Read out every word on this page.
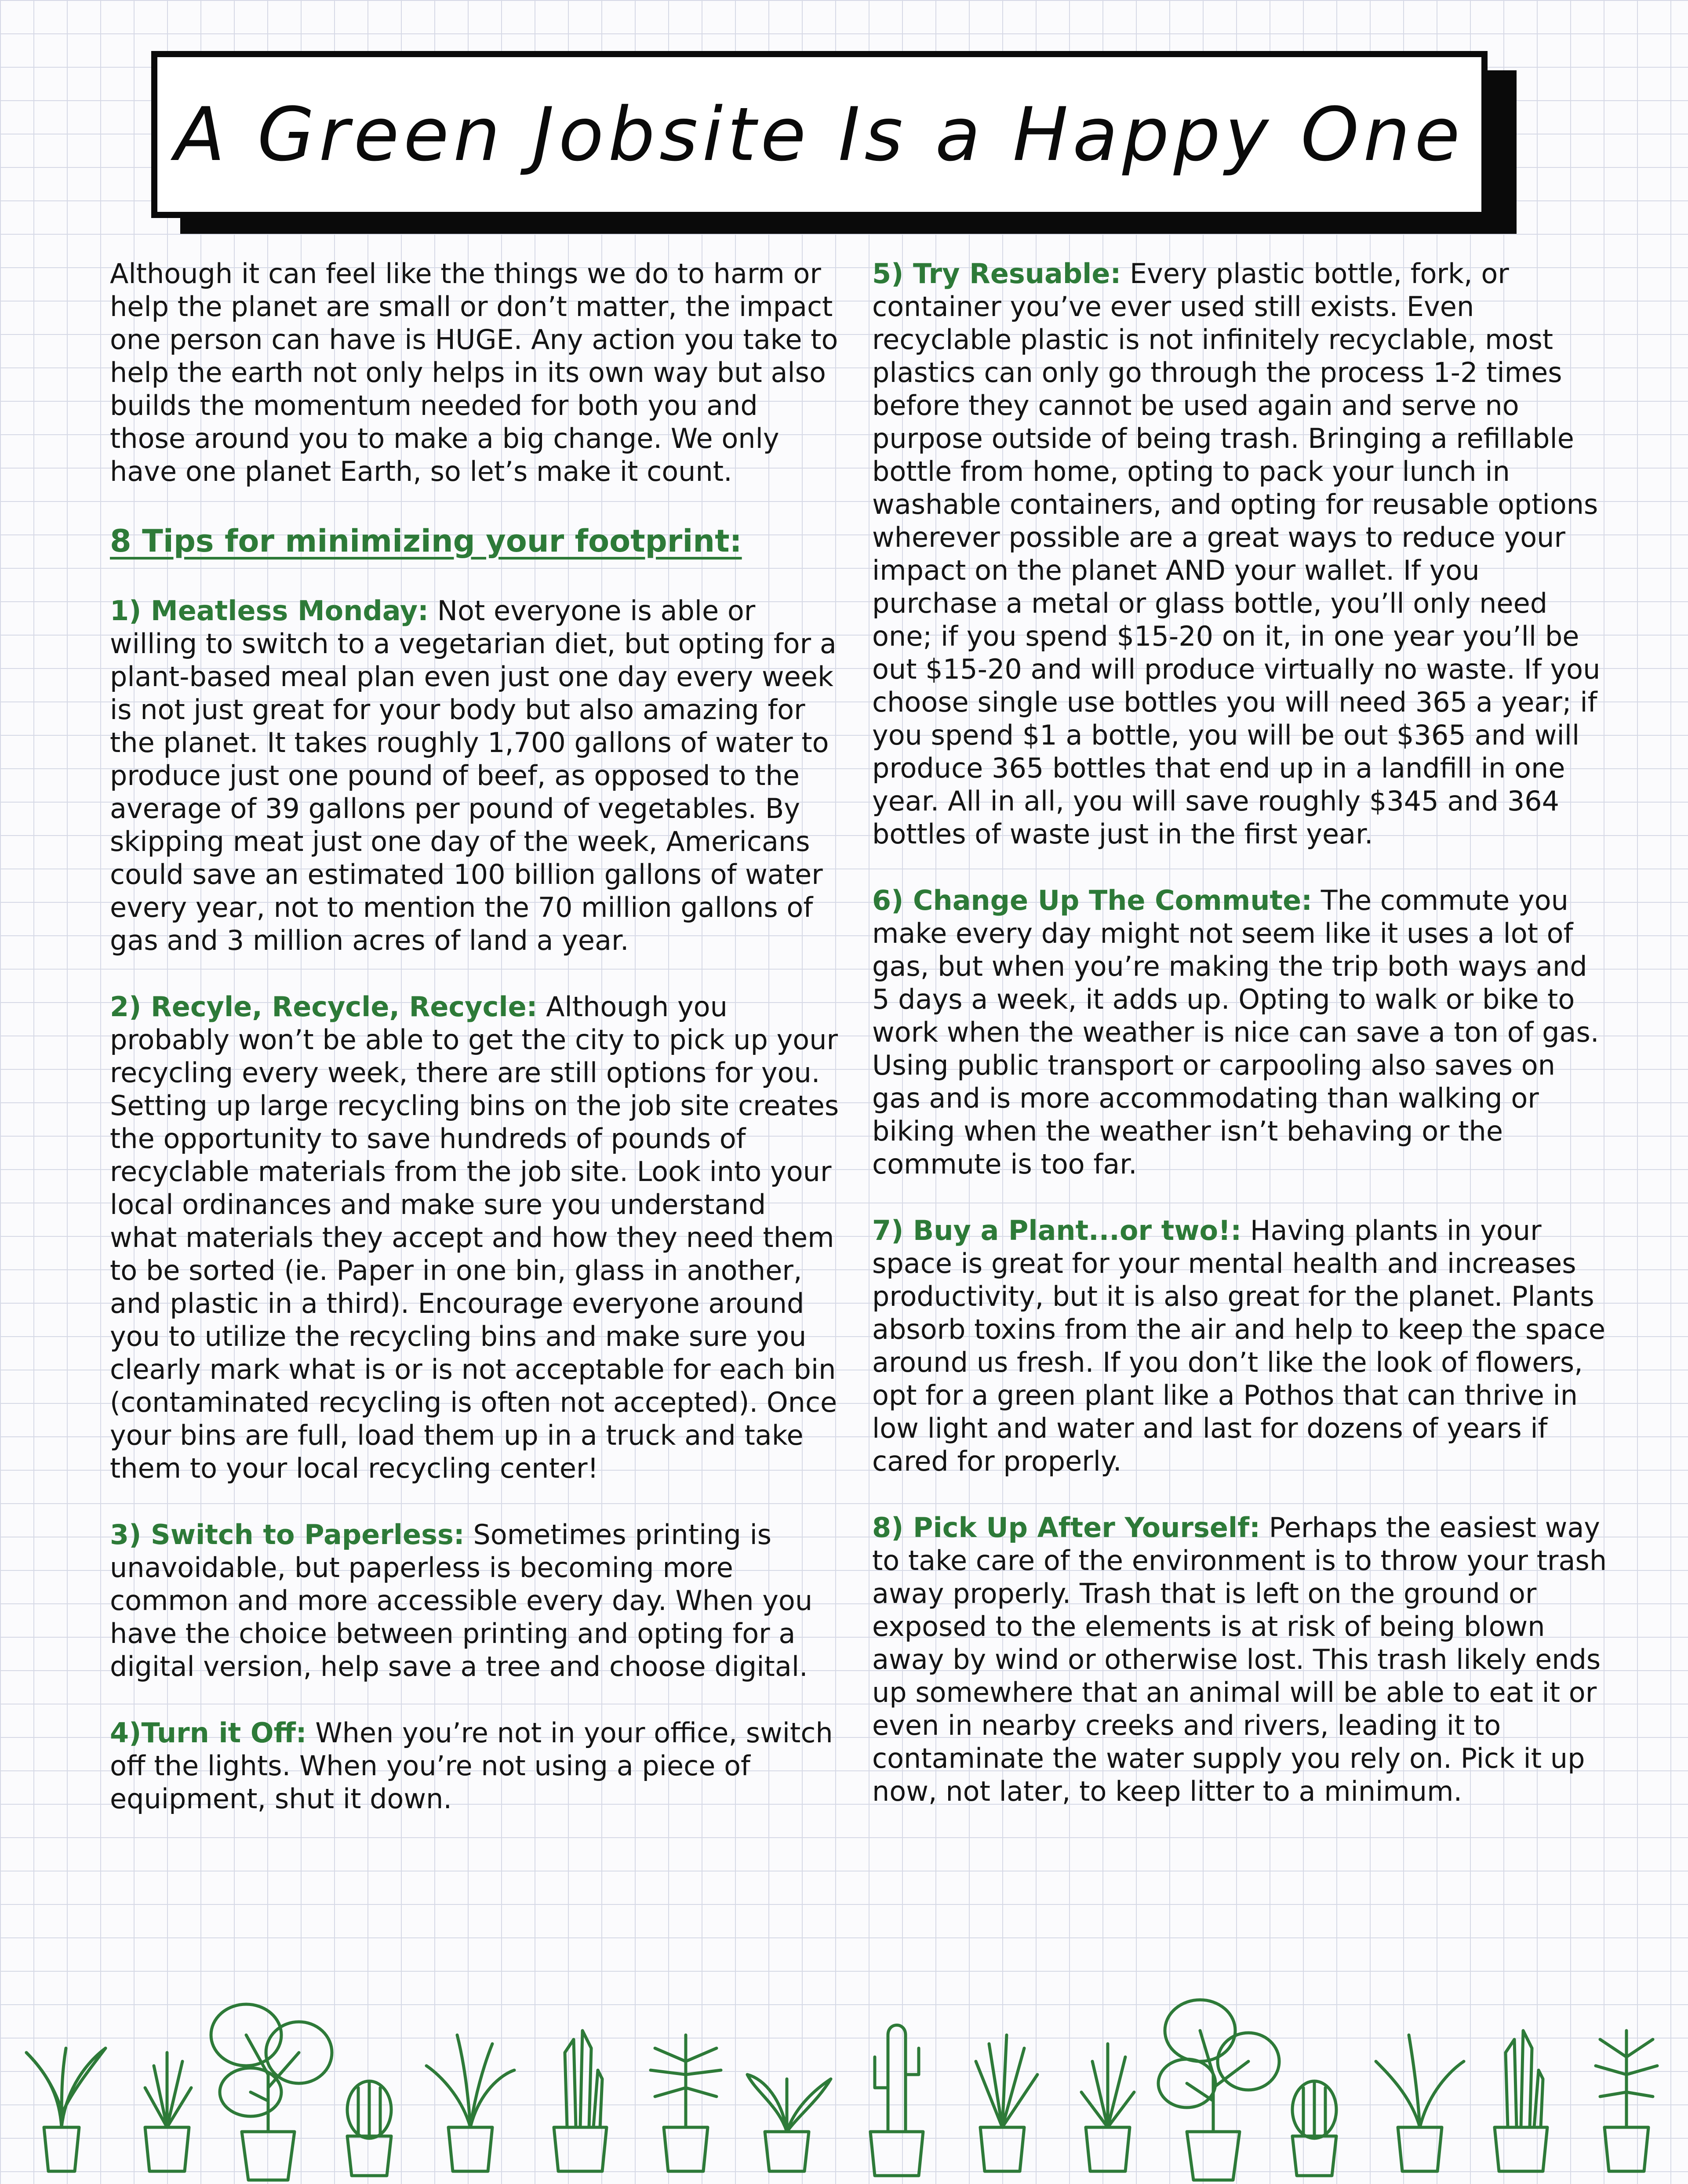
A Green Jobsite Is a Happy One

Although it can feel like the things we do to harm or help the planet are small or don’t matter, the impact one person can have is HUGE. Any action you take to help the earth not only helps in its own way but also builds the momentum needed for both you and those around you to make a big change. We only have one planet Earth, so let’s make it count.

8 Tips for minimizing your footprint:

1) Meatless Monday: Not everyone is able or willing to switch to a vegetarian diet, but opting for a plant-based meal plan even just one day every week is not just great for your body but also amazing for the planet. It takes roughly 1,700 gallons of water to produce just one pound of beef, as opposed to the average of 39 gallons per pound of vegetables. By skipping meat just one day of the week, Americans could save an estimated 100 billion gallons of water every year, not to mention the 70 million gallons of gas and 3 million acres of land a year.

2) Recyle, Recycle, Recycle: Although you probably won’t be able to get the city to pick up your recycling every week, there are still options for you. Setting up large recycling bins on the job site creates the opportunity to save hundreds of pounds of recyclable materials from the job site. Look into your local ordinances and make sure you understand what materials they accept and how they need them to be sorted (ie. Paper in one bin, glass in another, and plastic in a third). Encourage everyone around you to utilize the recycling bins and make sure you clearly mark what is or is not acceptable for each bin (contaminated recycling is often not accepted). Once your bins are full, load them up in a truck and take them to your local recycling center!

3) Switch to Paperless: Sometimes printing is unavoidable, but paperless is becoming more common and more accessible every day. When you have the choice between printing and opting for a digital version, help save a tree and choose digital.

4)Turn it Off: When you’re not in your office, switch off the lights. When you’re not using a piece of equipment, shut it down.

5) Try Resuable: Every plastic bottle, fork, or container you’ve ever used still exists. Even recyclable plastic is not infinitely recyclable, most plastics can only go through the process 1-2 times before they cannot be used again and serve no purpose outside of being trash. Bringing a refillable bottle from home, opting to pack your lunch in washable containers, and opting for reusable options wherever possible are a great ways to reduce your impact on the planet AND your wallet. If you purchase a metal or glass bottle, you’ll only need one; if you spend $15-20 on it, in one year you’ll be out $15-20 and will produce virtually no waste. If you choose single use bottles you will need 365 a year; if you spend $1 a bottle, you will be out $365 and will produce 365 bottles that end up in a landfill in one year. All in all, you will save roughly $345 and 364 bottles of waste just in the first year.

6) Change Up The Commute: The commute you make every day might not seem like it uses a lot of gas, but when you’re making the trip both ways and 5 days a week, it adds up. Opting to walk or bike to work when the weather is nice can save a ton of gas. Using public transport or carpooling also saves on gas and is more accommodating than walking or biking when the weather isn’t behaving or the commute is too far.

7) Buy a Plant...or two!: Having plants in your space is great for your mental health and increases productivity, but it is also great for the planet. Plants absorb toxins from the air and help to keep the space around us fresh. If you don’t like the look of flowers, opt for a green plant like a Pothos that can thrive in low light and water and last for dozens of years if cared for properly.

8) Pick Up After Yourself: Perhaps the easiest way to take care of the environment is to throw your trash away properly. Trash that is left on the ground or exposed to the elements is at risk of being blown away by wind or otherwise lost. This trash likely ends up somewhere that an animal will be able to eat it or even in nearby creeks and rivers, leading it to contaminate the water supply you rely on. Pick it up now, not later, to keep litter to a minimum.
